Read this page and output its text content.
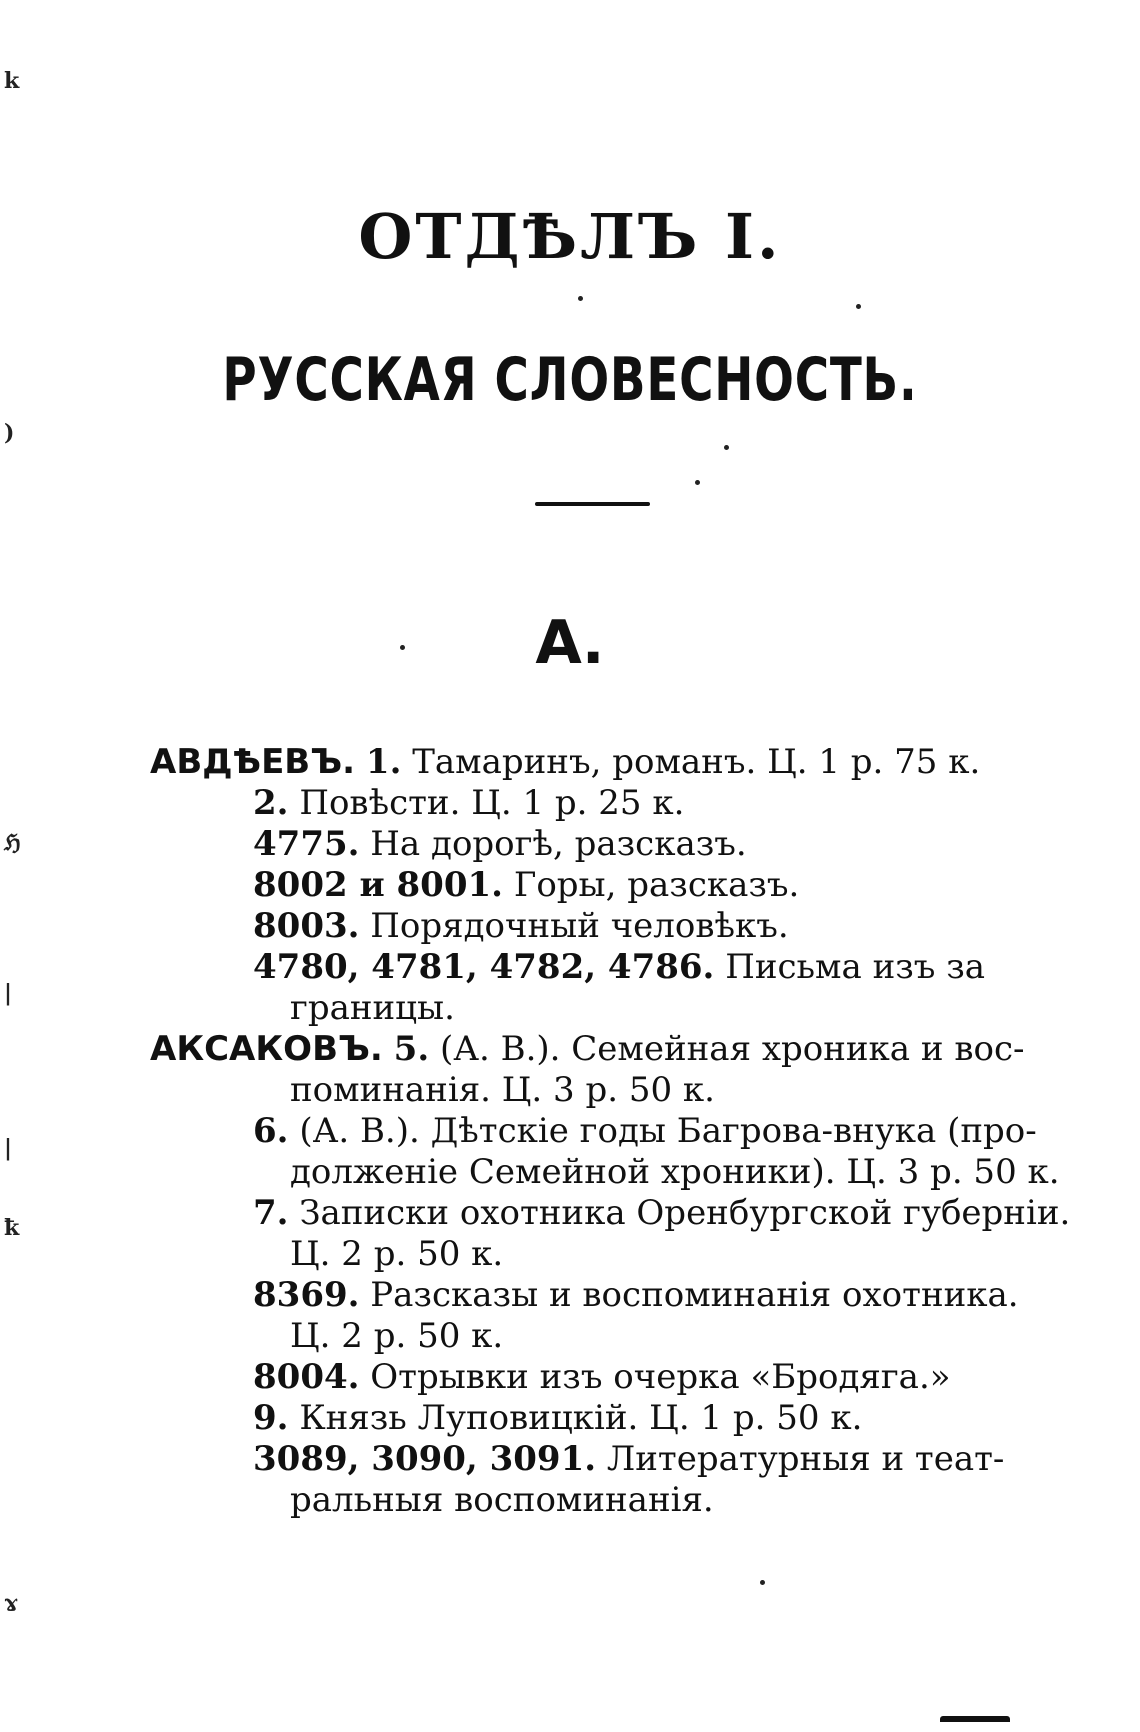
ОТДѢЛЪ I.
РУССКАЯ СЛОВЕСНОСТЬ.
А.
АВДѢЕВЪ. 1. Тамаринъ, романъ. Ц. 1 р. 75 к.
2. Повѣсти. Ц. 1 р. 25 к.
4775. На дорогѣ, разсказъ.
8002 и 8001. Горы, разсказъ.
8003. Порядочный человѣкъ.
4780, 4781, 4782, 4786. Письма изъ за
границы.
АКСАКОВЪ. 5. (А. В.). Семейная хроника и вос-
поминанія. Ц. 3 р. 50 к.
6. (А. В.). Дѣтскіе годы Багрова-внука (про-
долженіе Семейной хроники). Ц. 3 р. 50 к.
7. Записки охотника Оренбургской губерніи.
Ц. 2 р. 50 к.
8369. Разсказы и воспоминанія охотника.
Ц. 2 р. 50 к.
8004. Отрывки изъ очерка «Бродяга.»
9. Князь Луповицкій. Ц. 1 р. 50 к.
3089, 3090, 3091. Литературныя и теат-
ральныя воспоминанія.
k
)
ℌ
|
|
ꝁ
ɤ
